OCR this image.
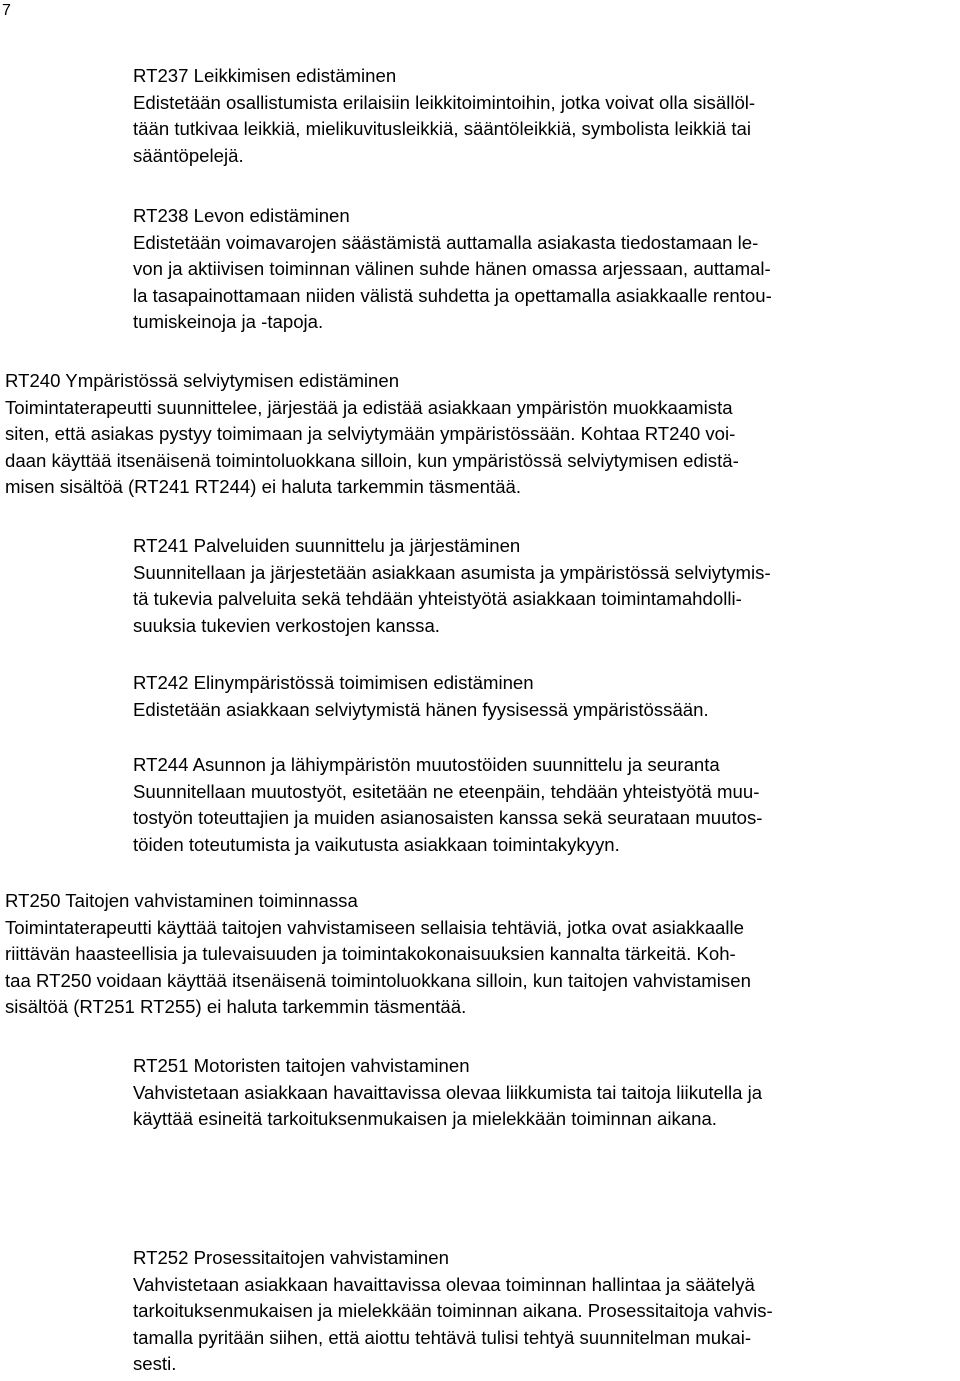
7
RT237 Leikkimisen edistäminen
Edistetään osallistumista erilaisiin leikkitoimintoihin, jotka voivat olla sisällöl-
tään tutkivaa leikkiä, mielikuvitusleikkiä, sääntöleikkiä, symbolista leikkiä tai
sääntöpelejä.
RT238 Levon edistäminen
Edistetään voimavarojen säästämistä auttamalla asiakasta tiedostamaan le-
von ja aktiivisen toiminnan välinen suhde hänen omassa arjessaan, auttamal-
la tasapainottamaan niiden välistä suhdetta ja opettamalla asiakkaalle rentou-
tumiskeinoja ja -tapoja.
RT240 Ympäristössä selviytymisen edistäminen
Toimintaterapeutti suunnittelee, järjestää ja edistää asiakkaan ympäristön muokkaamista
siten, että asiakas pystyy toimimaan ja selviytymään ympäristössään. Kohtaa RT240 voi-
daan käyttää itsenäisenä toimintoluokkana silloin, kun ympäristössä selviytymisen edistä-
misen sisältöä (RT241 RT244) ei haluta tarkemmin täsmentää.
RT241 Palveluiden suunnittelu ja järjestäminen
Suunnitellaan ja järjestetään asiakkaan asumista ja ympäristössä selviytymis-
tä tukevia palveluita sekä tehdään yhteistyötä asiakkaan toimintamahdolli-
suuksia tukevien verkostojen kanssa.
RT242 Elinympäristössä toimimisen edistäminen
Edistetään asiakkaan selviytymistä hänen fyysisessä ympäristössään.
RT244 Asunnon ja lähiympäristön muutostöiden suunnittelu ja seuranta
Suunnitellaan muutostyöt, esitetään ne eteenpäin, tehdään yhteistyötä muu-
tostyön toteuttajien ja muiden asianosaisten kanssa sekä seurataan muutos-
töiden toteutumista ja vaikutusta asiakkaan toimintakykyyn.
RT250 Taitojen vahvistaminen toiminnassa
Toimintaterapeutti käyttää taitojen vahvistamiseen sellaisia tehtäviä, jotka ovat asiakkaalle
riittävän haasteellisia ja tulevaisuuden ja toimintakokonaisuuksien kannalta tärkeitä. Koh-
taa RT250 voidaan käyttää itsenäisenä toimintoluokkana silloin, kun taitojen vahvistamisen
sisältöä (RT251 RT255) ei haluta tarkemmin täsmentää.
RT251 Motoristen taitojen vahvistaminen
Vahvistetaan asiakkaan havaittavissa olevaa liikkumista tai taitoja liikutella ja
käyttää esineitä tarkoituksenmukaisen ja mielekkään toiminnan aikana.
RT252 Prosessitaitojen vahvistaminen
Vahvistetaan asiakkaan havaittavissa olevaa toiminnan hallintaa ja säätelyä
tarkoituksenmukaisen ja mielekkään toiminnan aikana. Prosessitaitoja vahvis-
tamalla pyritään siihen, että aiottu tehtävä tulisi tehtyä suunnitelman mukai-
sesti.
